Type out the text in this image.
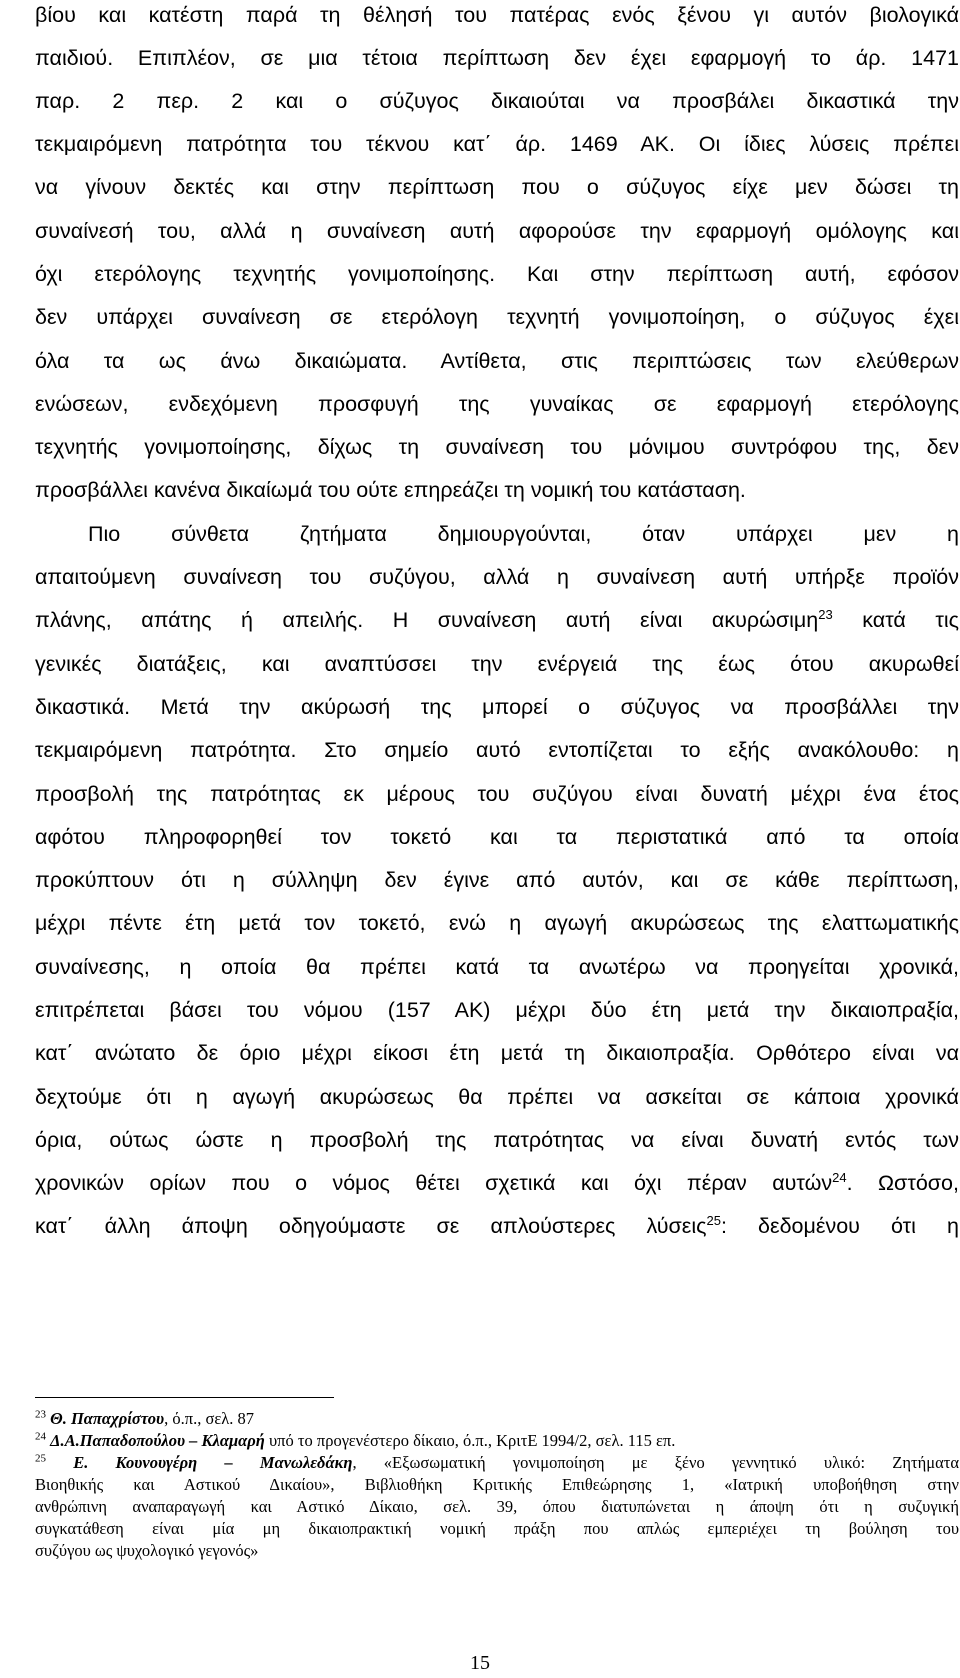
βίου και κατέστη παρά τη θέλησή του πατέρας ενός ξένου γι αυτόν βιολογικά

παιδιού. Επιπλέον, σε μια τέτοια περίπτωση δεν έχει εφαρμογή το άρ. 1471

παρ. 2 περ. 2 και ο σύζυγος δικαιούται να προσβάλει δικαστικά την

τεκμαιρόμενη πατρότητα του τέκνου κατ΄ άρ. 1469 ΑΚ. Οι ίδιες λύσεις πρέπει

να γίνουν δεκτές και στην περίπτωση που ο σύζυγος είχε μεν δώσει τη

συναίνεσή του, αλλά η συναίνεση αυτή αφορούσε την εφαρμογή ομόλογης και

όχι ετερόλογης τεχνητής γονιμοποίησης. Και στην περίπτωση αυτή, εφόσον

δεν υπάρχει συναίνεση σε ετερόλογη τεχνητή γονιμοποίηση, ο σύζυγος έχει

όλα τα ως άνω δικαιώματα. Αντίθετα, στις περιπτώσεις των ελεύθερων

ενώσεων, ενδεχόμενη προσφυγή της γυναίκας σε εφαρμογή ετερόλογης

τεχνητής γονιμοποίησης, δίχως τη συναίνεση του μόνιμου συντρόφου της, δεν

προσβάλλει κανένα δικαίωμά του ούτε επηρεάζει τη νομική του κατάσταση.

Πιο σύνθετα ζητήματα δημιουργούνται, όταν υπάρχει μεν η

απαιτούμενη συναίνεση του συζύγου, αλλά η συναίνεση αυτή υπήρξε προϊόν

πλάνης, απάτης ή απειλής. Η συναίνεση αυτή είναι ακυρώσιμη$^{23}$ κατά τις

γενικές διατάξεις, και αναπτύσσει την ενέργειά της έως ότου ακυρωθεί

δικαστικά. Μετά την ακύρωσή της μπορεί ο σύζυγος να προσβάλλει την

τεκμαιρόμενη πατρότητα. Στο σημείο αυτό εντοπίζεται το εξής ανακόλουθο: η

προσβολή της πατρότητας εκ μέρους του συζύγου είναι δυνατή μέχρι ένα έτος

αφότου πληροφορηθεί τον τοκετό και τα περιστατικά από τα οποία

προκύπτουν ότι η σύλληψη δεν έγινε από αυτόν, και σε κάθε περίπτωση,

μέχρι πέντε έτη μετά τον τοκετό, ενώ η αγωγή ακυρώσεως της ελαττωματικής

συναίνεσης, η οποία θα πρέπει κατά τα ανωτέρω να προηγείται χρονικά,

επιτρέπεται βάσει του νόμου (157 ΑΚ) μέχρι δύο έτη μετά την δικαιοπραξία,

κατ΄ ανώτατο δε όριο μέχρι είκοσι έτη μετά τη δικαιοπραξία. Ορθότερο είναι να

δεχτούμε ότι η αγωγή ακυρώσεως θα πρέπει να ασκείται σε κάποια χρονικά

όρια, ούτως ώστε η προσβολή της πατρότητας να είναι δυνατή εντός των

χρονικών ορίων που ο νόμος θέτει σχετικά και όχι πέραν αυτών$^{24}$. Ωστόσο,

κατ΄ άλλη άποψη οδηγούμαστε σε απλούστερες λύσεις$^{25}$: δεδομένου ότι η

$^{23}$ Θ. Παπαχρίστου, ό.π., σελ. 87

$^{24}$ Δ.Α.Παπαδοπούλου – Κλαμαρή υπό το προγενέστερο δίκαιο, ό.π., ΚριτΕ 1994/2, σελ. 115 επ.

$^{25}$ Ε. Κουνουγέρη – Μανωλεδάκη, «Εξωσωματική γονιμοποίηση με ξένο γεννητικό υλικό: Ζητήματα

Βιοηθικής και Αστικού Δικαίου», Βιβλιοθήκη Κριτικής Επιθεώρησης 1, «Ιατρική υποβοήθηση στην

ανθρώπινη αναπαραγωγή και Αστικό Δίκαιο, σελ. 39, όπου διατυπώνεται η άποψη ότι η συζυγική

συγκατάθεση είναι μία μη δικαιοπρακτική νομική πράξη που απλώς εμπεριέχει τη βούληση του

συζύγου ως ψυχολογικό γεγονός»

15
